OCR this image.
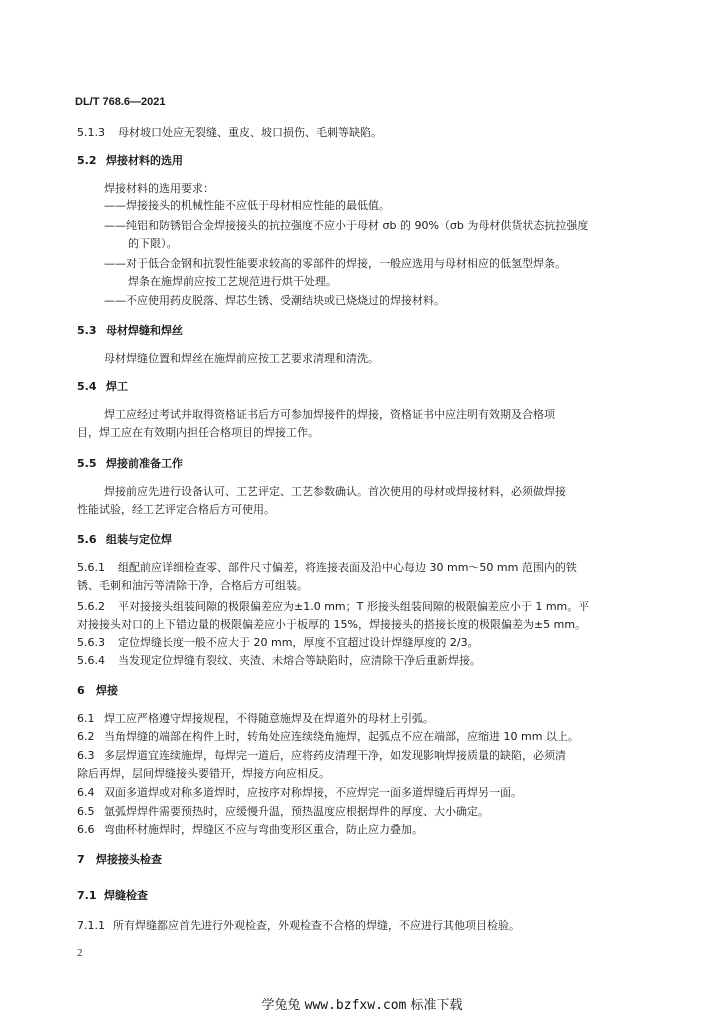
DL/T 768.6—2021
5.1.3 母材坡口处应无裂缝、重皮、坡口损伤、毛刺等缺陷。
5.2 焊接材料的选用
焊接材料的选用要求：
——焊接接头的机械性能不应低于母材相应性能的最低值。
——纯铝和防锈铝合金焊接接头的抗拉强度不应小于母材 σb 的 90%（σb 为母材供货状态抗拉强度
的下限）。
——对于低合金钢和抗裂性能要求较高的零部件的焊接，一般应选用与母材相应的低氢型焊条。
焊条在施焊前应按工艺规范进行烘干处理。
——不应使用药皮脱落、焊芯生锈、受潮结块或已烧烧过的焊接材料。
5.3 母材焊缝和焊丝
母材焊缝位置和焊丝在施焊前应按工艺要求清理和清洗。
5.4 焊工
焊工应经过考试并取得资格证书后方可参加焊接件的焊接，资格证书中应注明有效期及合格项
目，焊工应在有效期内担任合格项目的焊接工作。
5.5 焊接前准备工作
焊接前应先进行设备认可、工艺评定、工艺参数确认。首次使用的母材或焊接材料，必须做焊接
性能试验，经工艺评定合格后方可使用。
5.6 组装与定位焊
5.6.1 组配前应详细检查零、部件尺寸偏差，将连接表面及沿中心每边 30 mm～50 mm 范围内的铁
锈、毛刺和油污等清除干净，合格后方可组装。
5.6.2 平对接接头组装间隙的极限偏差应为±1.0 mm；T 形接头组装间隙的极限偏差应小于 1 mm。平
对接接头对口的上下错边量的极限偏差应小于板厚的 15%，焊接接头的搭接长度的极限偏差为±5 mm。
5.6.3 定位焊缝长度一般不应大于 20 mm，厚度不宜超过设计焊缝厚度的 2/3。
5.6.4 当发现定位焊缝有裂纹、夹渣、未熔合等缺陷时，应清除干净后重新焊接。
6 焊接
6.1 焊工应严格遵守焊接规程，不得随意施焊及在焊道外的母材上引弧。
6.2 当角焊缝的端部在构件上时，转角处应连续绕角施焊，起弧点不应在端部，应缩进 10 mm 以上。
6.3 多层焊道宜连续施焊，每焊完一道后，应将药皮清理干净，如发现影响焊接质量的缺陷，必须清
除后再焊，层间焊缝接头要错开，焊接方向应相反。
6.4 双面多道焊或对称多道焊时，应按序对称焊接，不应焊完一面多道焊缝后再焊另一面。
6.5 氩弧焊焊件需要预热时，应缓慢升温，预热温度应根据焊件的厚度、大小确定。
6.6 弯曲杯材施焊时，焊缝区不应与弯曲变形区重合，防止应力叠加。
7 焊接接头检查
7.1 焊缝检查
7.1.1 所有焊缝都应首先进行外观检查，外观检查不合格的焊缝，不应进行其他项目检验。
2
学兔兔 www.bzfxw.com 标准下载
